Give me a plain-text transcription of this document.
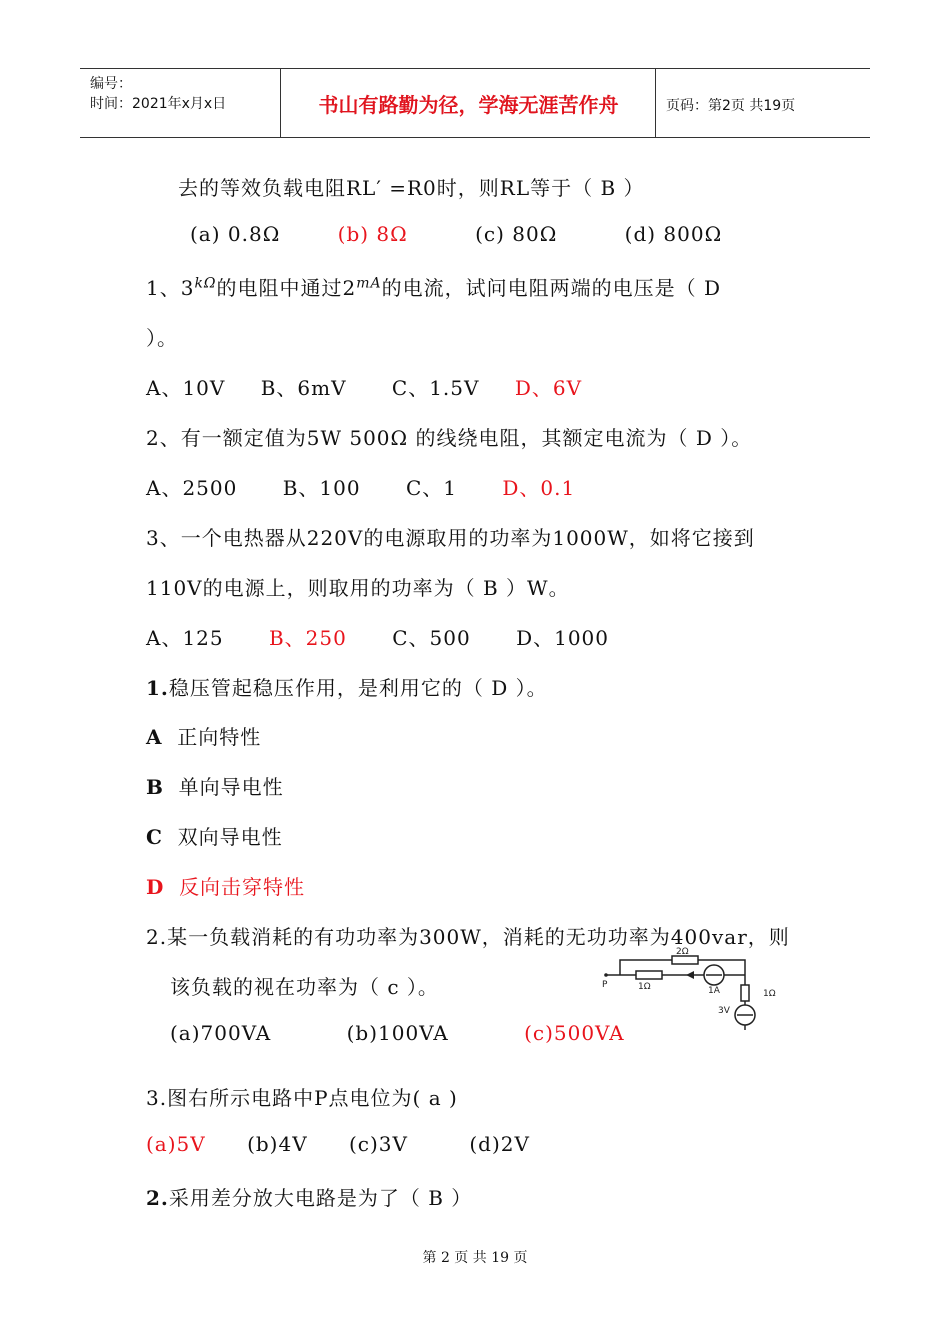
编号：
时间：2021年x月x日	书山有路勤为径，学海无涯苦作舟	页码：第2页 共19页
去的等效负载电阻RL′ =R0时，则RL等于（ B ）
(a) 0.8Ω	(b) 8Ω	(c) 80Ω	(d) 800Ω
1、$3^{k\Omega}$的电阻中通过$2^{mA}$的电流，试问电阻两端的电压是（ D
）。
A、10V B、6mV C、1.5V D、6V
2、有一额定值为5W 500Ω 的线绕电阻，其额定电流为（ D ）。
A、2500 B、100 C、1 D、0.1
3、一个电热器从220V的电源取用的功率为1000W，如将它接到
110V的电源上，则取用的功率为（ B ）W。
A、125 B、250 C、500 D、1000
1.稳压管起稳压作用，是利用它的（ D ）。
A 正向特性
B 单向导电性
C 双向导电性
D 反向击穿特性
2.某一负载消耗的有功功率为300W，消耗的无功功率为400var，则
该负载的视在功率为（ c ）。
(a)700VA	(b)100VA	(c)500VA
P
2Ω
1Ω	1A	1Ω
3V
3.图右所示电路中P点电位为( a )
(a)5V (b)4V (c)3V	(d)2V
2.采用差分放大电路是为了（ B ）
第 2 页 共 19 页
